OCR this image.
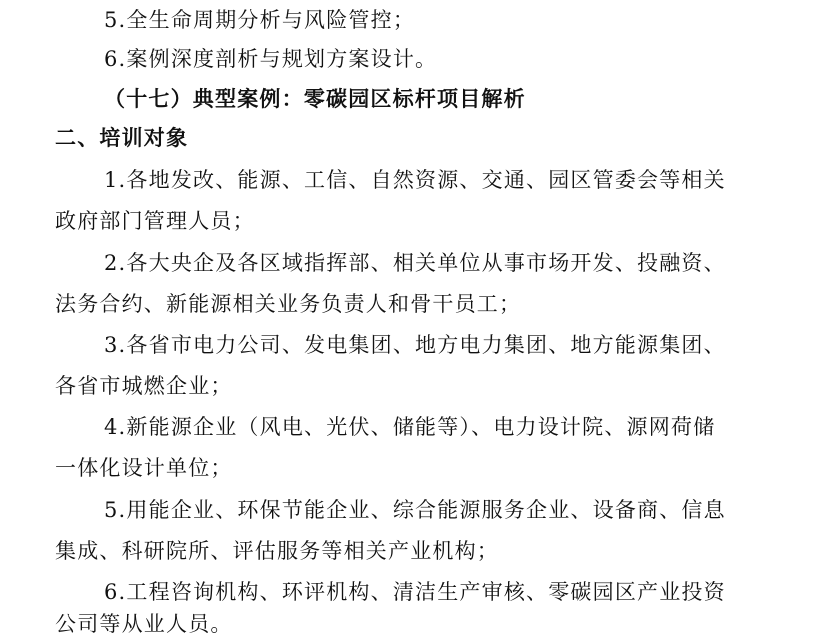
5.全生命周期分析与风险管控；
6.案例深度剖析与规划方案设计。
（十七）典型案例：零碳园区标杆项目解析
二、培训对象
1.各地发改、能源、工信、自然资源、交通、园区管委会等相关
政府部门管理人员；
2.各大央企及各区域指挥部、相关单位从事市场开发、投融资、
法务合约、新能源相关业务负责人和骨干员工；
3.各省市电力公司、发电集团、地方电力集团、地方能源集团、
各省市城燃企业；
4.新能源企业（风电、光伏、储能等）、电力设计院、源网荷储
一体化设计单位；
5.用能企业、环保节能企业、综合能源服务企业、设备商、信息
集成、科研院所、评估服务等相关产业机构；
6.工程咨询机构、环评机构、清洁生产审核、零碳园区产业投资
公司等从业人员。
